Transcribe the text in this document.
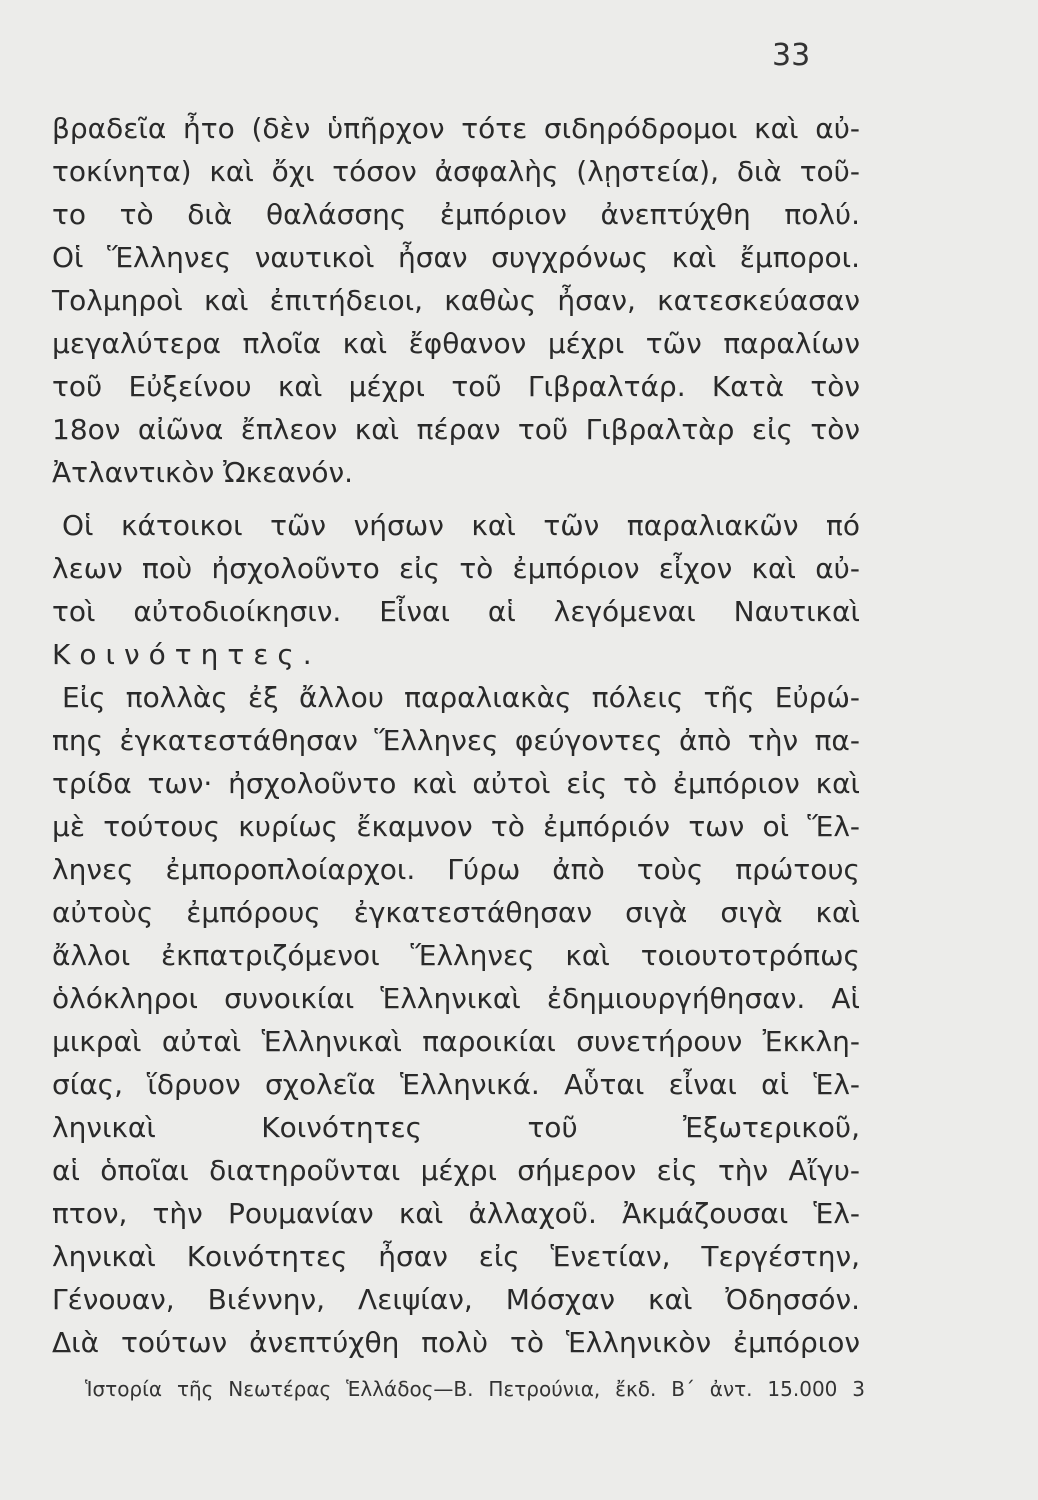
33
βραδεῖα ἦτο (δὲν ὑπῆρχον τότε σιδηρόδρομοι καὶ αὐ-
τοκίνητα) καὶ ὄχι τόσον ἀσφαλὴς (λῃστεία), διὰ τοῦ-
το τὸ διὰ θαλάσσης ἐμπόριον ἀνεπτύχθη πολύ.
Οἱ Ἕλληνες ναυτικοὶ ἦσαν συγχρόνως καὶ ἔμποροι.
Τολμηροὶ καὶ ἐπιτήδειοι, καθὼς ἦσαν, κατεσκεύασαν
μεγαλύτερα πλοῖα καὶ ἔφθανον μέχρι τῶν παραλίων
τοῦ Εὐξείνου καὶ μέχρι τοῦ Γιβραλτάρ. Κατὰ τὸν
18ον αἰῶνα ἔπλεον καὶ πέραν τοῦ Γιβραλτὰρ εἰς τὸν
Ἀτλαντικὸν Ὠκεανόν.
Οἱ κάτοικοι τῶν νήσων καὶ τῶν παραλιακῶν πό
λεων ποὺ ἠσχολοῦντο εἰς τὸ ἐμπόριον εἶχον καὶ αὐ-
τοὶ αὐτοδιοίκησιν. Εἶναι αἱ λεγόμεναι Ναυτικαὶ
Κοινότητες.
Εἰς πολλὰς ἐξ ἄλλου παραλιακὰς πόλεις τῆς Εὐρώ-
πης ἐγκατεστάθησαν Ἕλληνες φεύγοντες ἀπὸ τὴν πα-
τρίδα των· ἠσχολοῦντο καὶ αὐτοὶ εἰς τὸ ἐμπόριον καὶ
μὲ τούτους κυρίως ἔκαμνον τὸ ἐμπόριόν των οἱ Ἕλ-
ληνες ἐμποροπλοίαρχοι. Γύρω ἀπὸ τοὺς πρώτους
αὐτοὺς ἐμπόρους ἐγκατεστάθησαν σιγὰ σιγὰ καὶ
ἄλλοι ἐκπατριζόμενοι Ἕλληνες καὶ τοιουτοτρόπως
ὁλόκληροι συνοικίαι Ἑλληνικαὶ ἐδημιουργήθησαν. Αἱ
μικραὶ αὐταὶ Ἑλληνικαὶ παροικίαι συνετήρουν Ἐκκλη-
σίας, ἵδρυον σχολεῖα Ἑλληνικά. Αὗται εἶναι αἱ Ἑλ-
ληνικαὶ Κοινότητες τοῦ Ἐξωτερικοῦ,
αἱ ὁποῖαι διατηροῦνται μέχρι σήμερον εἰς τὴν Αἴγυ-
πτον, τὴν Ρουμανίαν καὶ ἀλλαχοῦ. Ἀκμάζουσαι Ἑλ-
ληνικαὶ Κοινότητες ἦσαν εἰς Ἑνετίαν, Τεργέστην,
Γένουαν, Βιέννην, Λειψίαν, Μόσχαν καὶ Ὀδησσόν.
Διὰ τούτων ἀνεπτύχθη πολὺ τὸ Ἑλληνικὸν ἐμπόριον
Ἱστορία τῆς Νεωτέρας Ἑλλάδος—Β. Πετρούνια, ἔκδ. Β΄ ἀντ. 15.000 3
